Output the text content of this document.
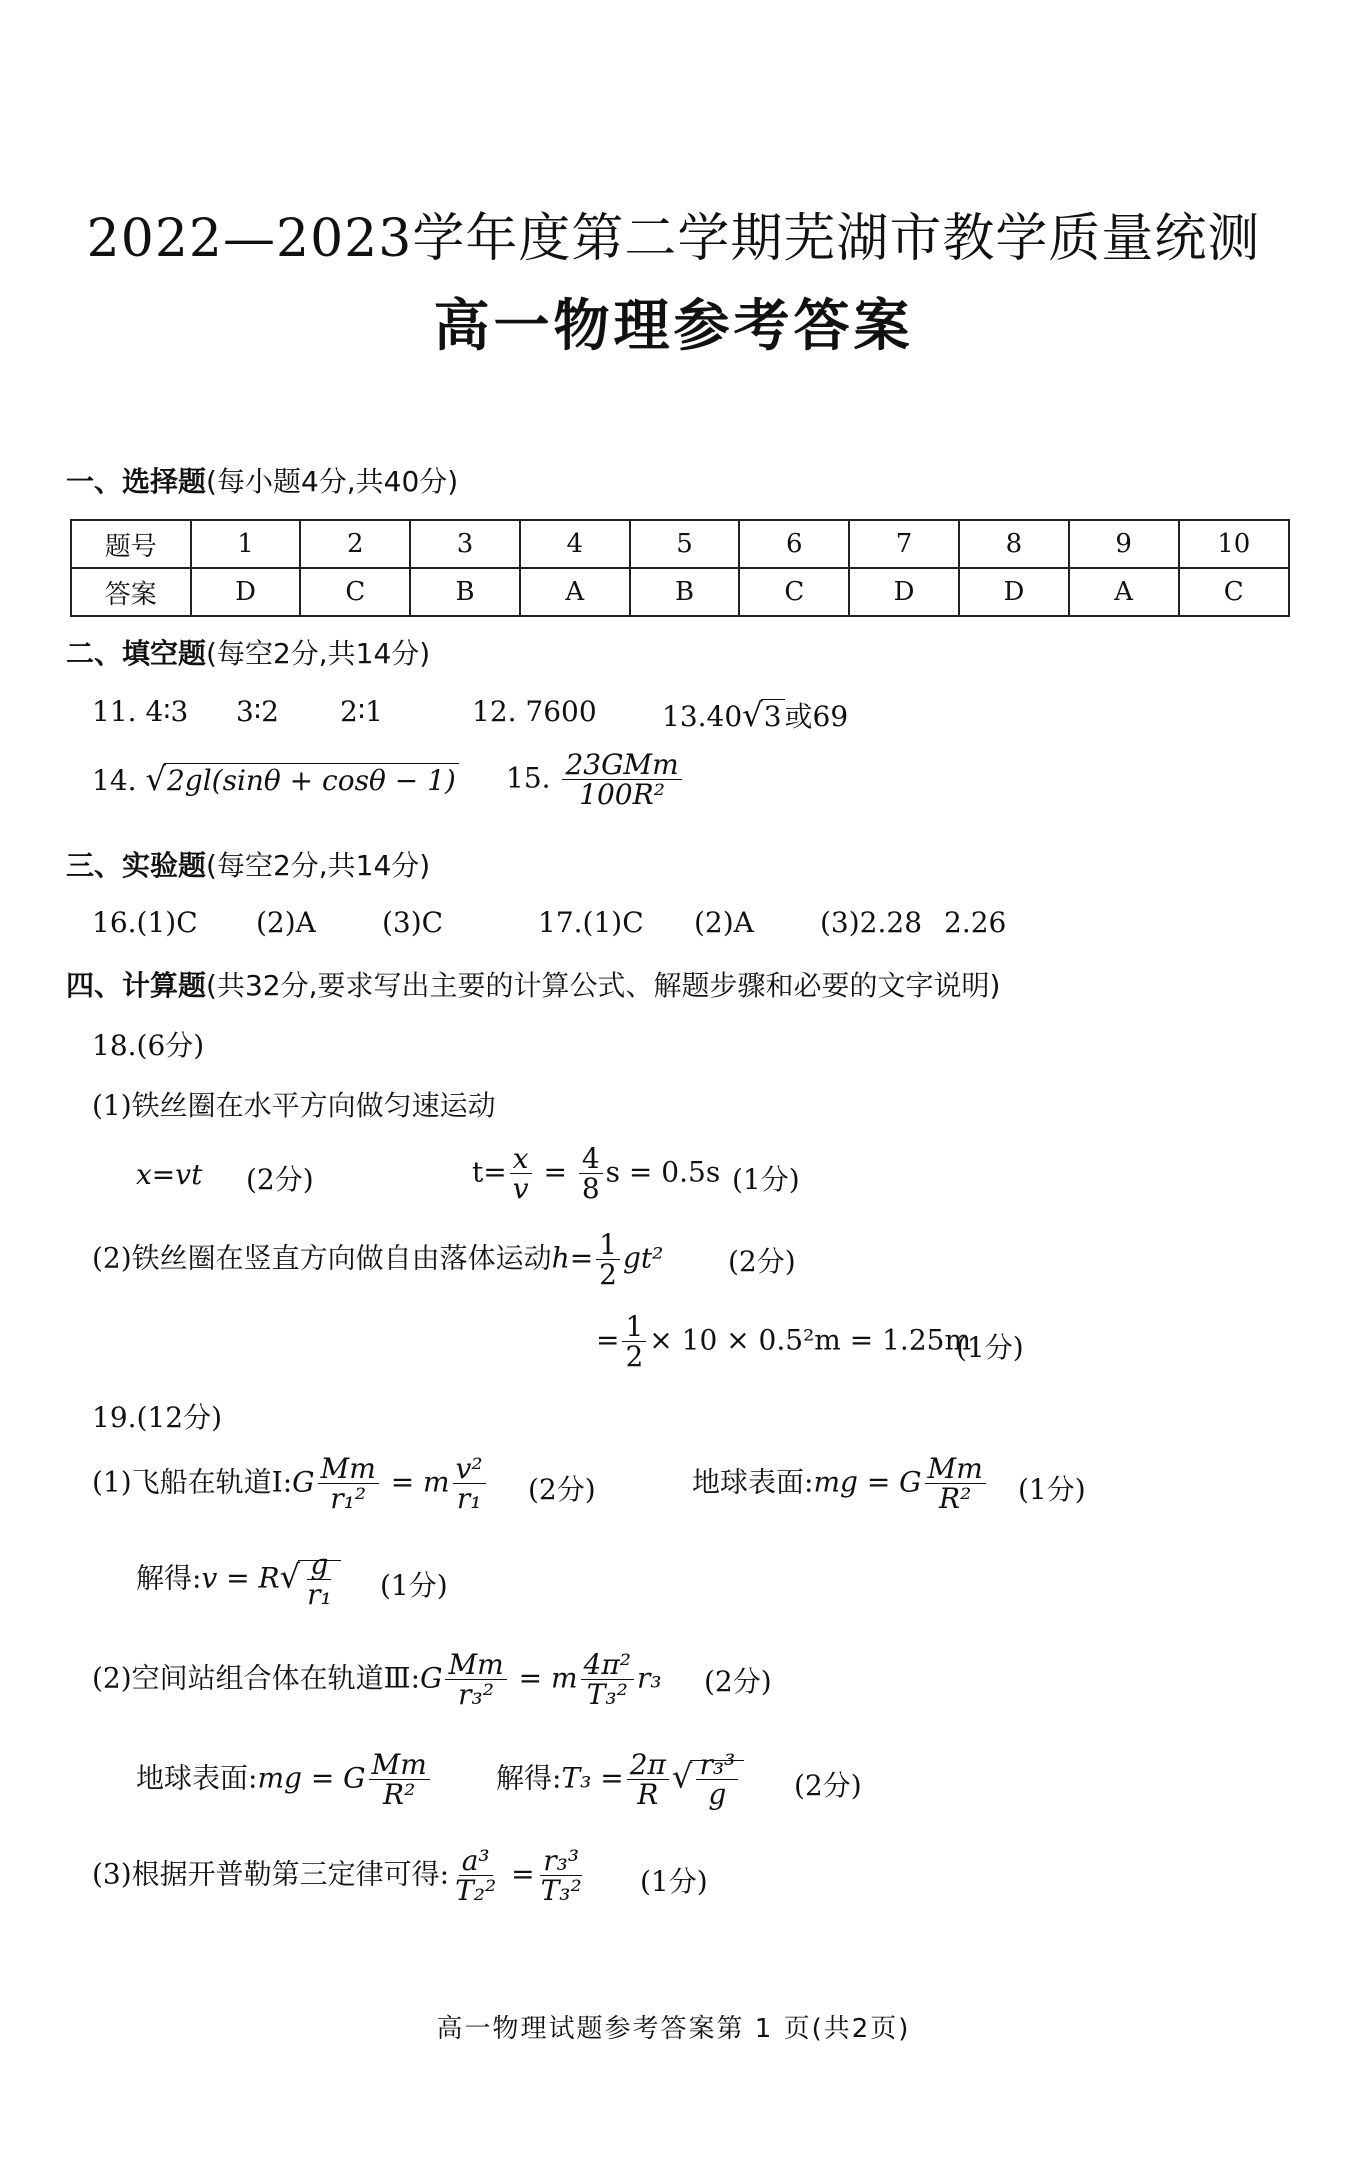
2022—2023学年度第二学期芜湖市教学质量统测
高一物理参考答案
一、选择题(每小题4分,共40分)
题号	1	2	3	4	5	6	7	8	9	10
答案	D	C	B	A	B	C	D	D	A	C
二、填空题(每空2分,共14分)
11. 4∶3 3∶2 2∶1	12. 7600 13.40√3 或69
14. √2gl(sinθ + cosθ − 1) 15. $\frac{\text{23GMm}}{\text{100R²}}$
三、实验题(每空2分,共14分)
16.(1)C (2)A (3)C	17.(1)C (2)A (3)2.28 2.26
四、计算题(共32分,要求写出主要的计算公式、解题步骤和必要的文字说明)
18.(6分)
(1)铁丝圈在水平方向做匀速运动
x=vt (2分)	$t= \frac{x}{v} = \frac{4}{8}$ s = 0.5s (1分)
(2)铁丝圈在竖直方向做自由落体运动$h= \frac{1}{2} gt^2$ (2分)
= $\frac{1}{2} \times 10 \times 0.5^2m = 1.25m$
(1分)
19.(12分)
(1)飞船在轨道Ⅰ:G $\frac{Mm}{\text{r₁²}} = m \frac{\text{v²}}{\text{r₁}} (2$分)	地球表面:mg = G $\frac{Mm}{\text{R²}} (1$分)
解得:v = $R√ \frac{g}{\text{r₁}} (1$分)
(2)空间站组合体在轨道Ⅲ:G $\frac{Mm}{\text{r₃²}} = m \frac{\text{4π²}}{\text{T₃²}} r_3$ (2分)
地球表面:mg = G $\frac{Mm}{\text{R²}}$ 解得:T₃ = $\frac{2\pi}{R}$ √ $\frac{\text{r₃³}}{g} (2$分)
(3)根据开普勒第三定律可得: $\frac{\text{a³}}{\text{T₂²}} = \frac{\text{r₃³}}{\text{T₃²}} (1$分)
高一物理试题参考答案第 1 页(共2页)
